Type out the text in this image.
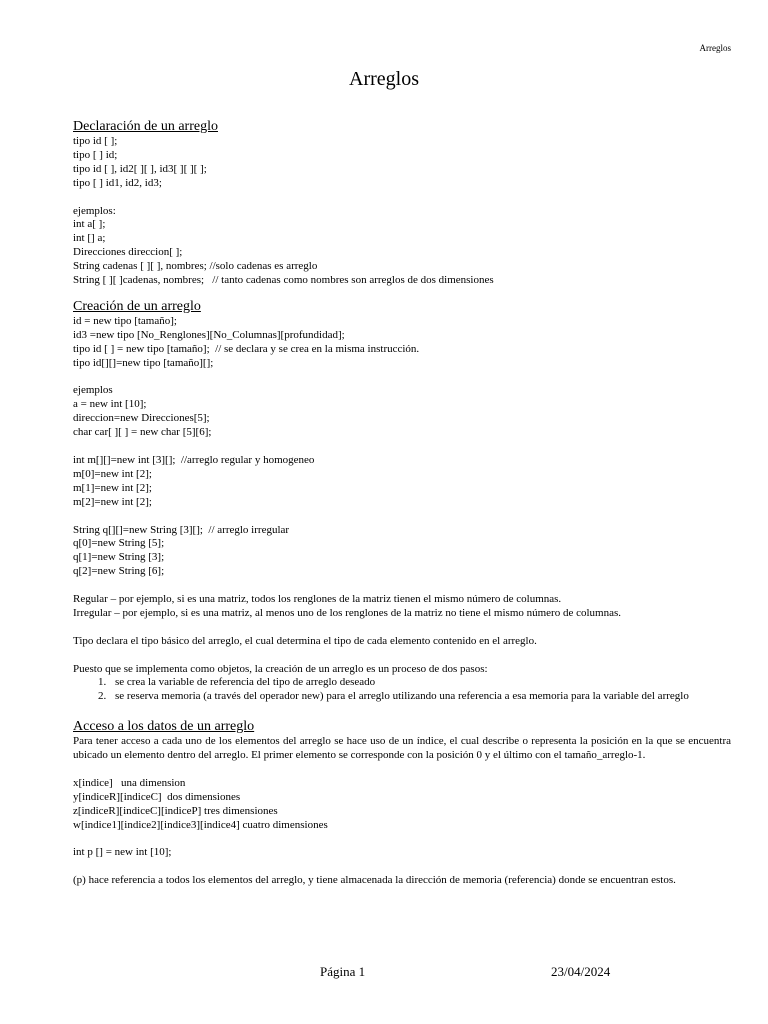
Arreglos
Arreglos

Declaración de un arreglo

tipo id [ ];

tipo [ ] id;

tipo id [ ], id2[ ][ ], id3[ ][ ][ ];

tipo [ ] id1, id2, id3;

ejemplos:

int a[ ];

int [] a;

Direcciones direccion[ ];

String cadenas [ ][ ], nombres; //solo cadenas es arreglo

String [ ][ ]cadenas, nombres;   // tanto cadenas como nombres son arreglos de dos dimensiones

Creación de un arreglo

id = new tipo [tamaño];

id3 =new tipo [No_Renglones][No_Columnas][profundidad];

tipo id [ ] = new tipo [tamaño];  // se declara y se crea en la misma instrucción.

tipo id[][]=new tipo [tamaño][];

ejemplos

a = new int [10];

direccion=new Direcciones[5];

char car[ ][ ] = new char [5][6];

int m[][]=new int [3][];  //arreglo regular y homogeneo

m[0]=new int [2];

m[1]=new int [2];

m[2]=new int [2];

String q[][]=new String [3][];  // arreglo irregular

q[0]=new String [5];

q[1]=new String [3];

q[2]=new String [6];

Regular – por ejemplo, si es una matriz, todos los renglones de la matriz tienen el mismo número de columnas.

Irregular – por ejemplo, si es una matriz, al menos uno de los renglones de la matriz no tiene el mismo número de columnas.

Tipo declara el tipo básico del arreglo, el cual determina el tipo de cada elemento contenido en el arreglo.

Puesto que se implementa como objetos, la creación de un arreglo es un proceso de dos pasos:

1. se crea la variable de referencia del tipo de arreglo deseado
2. se reserva memoria (a través del operador new) para el arreglo utilizando una referencia a esa memoria para la variable del arreglo

Acceso a los datos de un arreglo

Para tener acceso a cada uno de los elementos del arreglo se hace uso de un índice, el cual describe o representa la posición en la que se encuentra ubicado un elemento dentro del arreglo. El primer elemento se corresponde con la posición 0 y el último con el tamaño_arreglo-1.

x[indice]   una dimension

y[indiceR][indiceC]  dos dimensiones

z[indiceR][indiceC][indiceP] tres dimensiones

w[indice1][indice2][indice3][indice4] cuatro dimensiones

int p [] = new int [10];

(p) hace referencia a todos los elementos del arreglo, y tiene almacenada la dirección de memoria (referencia) donde se encuentran estos.

Página 1	23/04/2024
